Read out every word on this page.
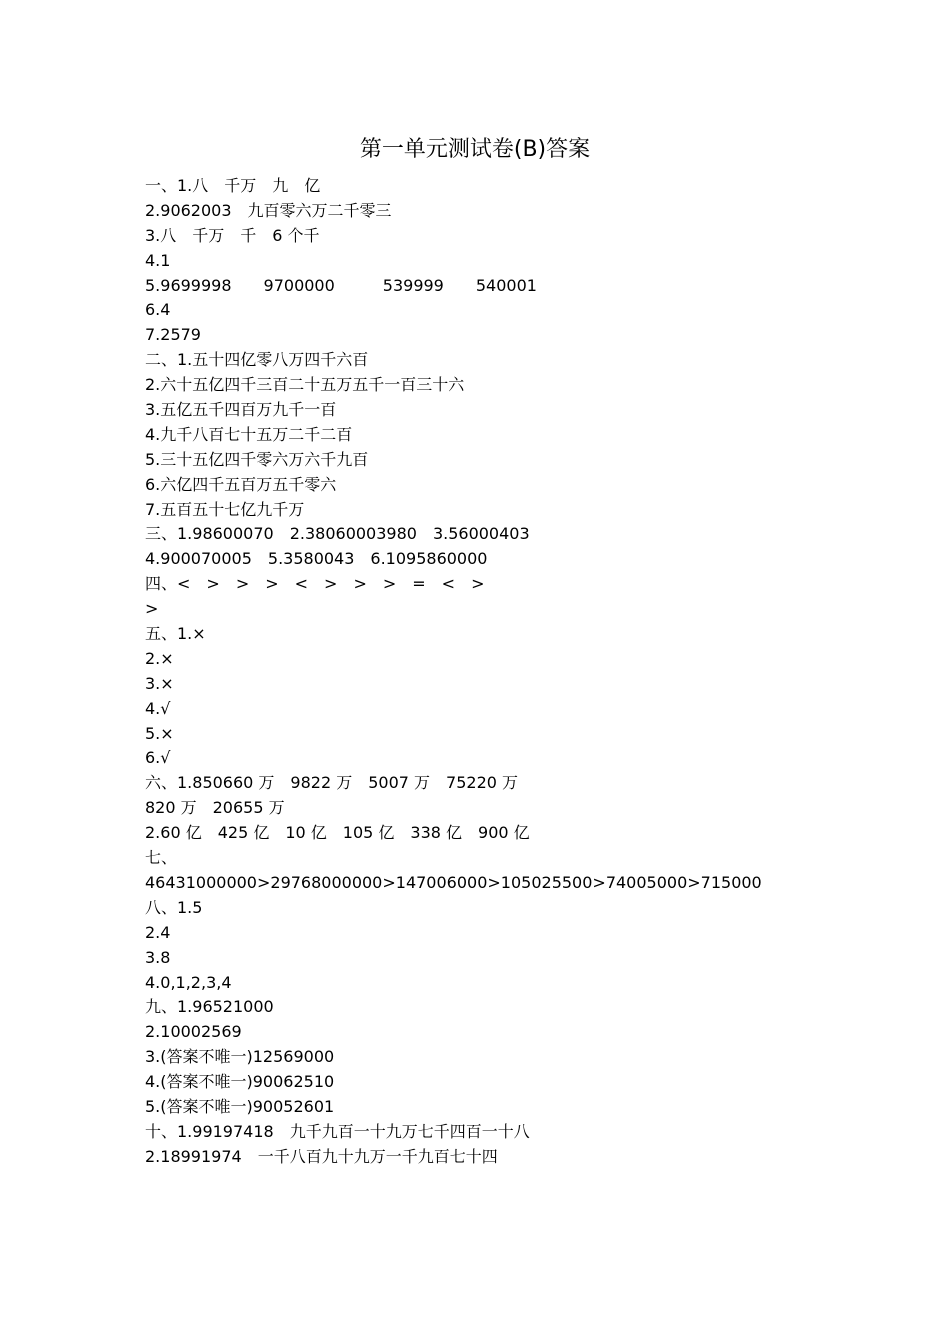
第一单元测试卷(B)答案
一、1.八　千万　九　亿
2.9062003　九百零六万二千零三
3.八　千万　千　6 个千
4.1
5.9699998　　9700000　　　539999　　540001
6.4
7.2579
二、1.五十四亿零八万四千六百
2.六十五亿四千三百二十五万五千一百三十六
3.五亿五千四百万九千一百
4.九千八百七十五万二千二百
5.三十五亿四千零六万六千九百
6.六亿四千五百万五千零六
7.五百五十七亿九千万
三、1.98600070　2.38060003980　3.56000403
4.900070005　5.3580043　6.1095860000
四、<　>　>　>　<　>　>　>　=　<　>
>
五、1.×
2.×
3.×
4.√
5.×
6.√
六、1.850660 万　9822 万　5007 万　75220 万
820 万　20655 万
2.60 亿　425 亿　10 亿　105 亿　338 亿　900 亿
七、
46431000000>29768000000>147006000>105025500>74005000>715000
八、1.5
2.4
3.8
4.0,1,2,3,4
九、1.96521000
2.10002569
3.(答案不唯一)12569000
4.(答案不唯一)90062510
5.(答案不唯一)90052601
十、1.99197418　九千九百一十九万七千四百一十八
2.18991974　一千八百九十九万一千九百七十四
